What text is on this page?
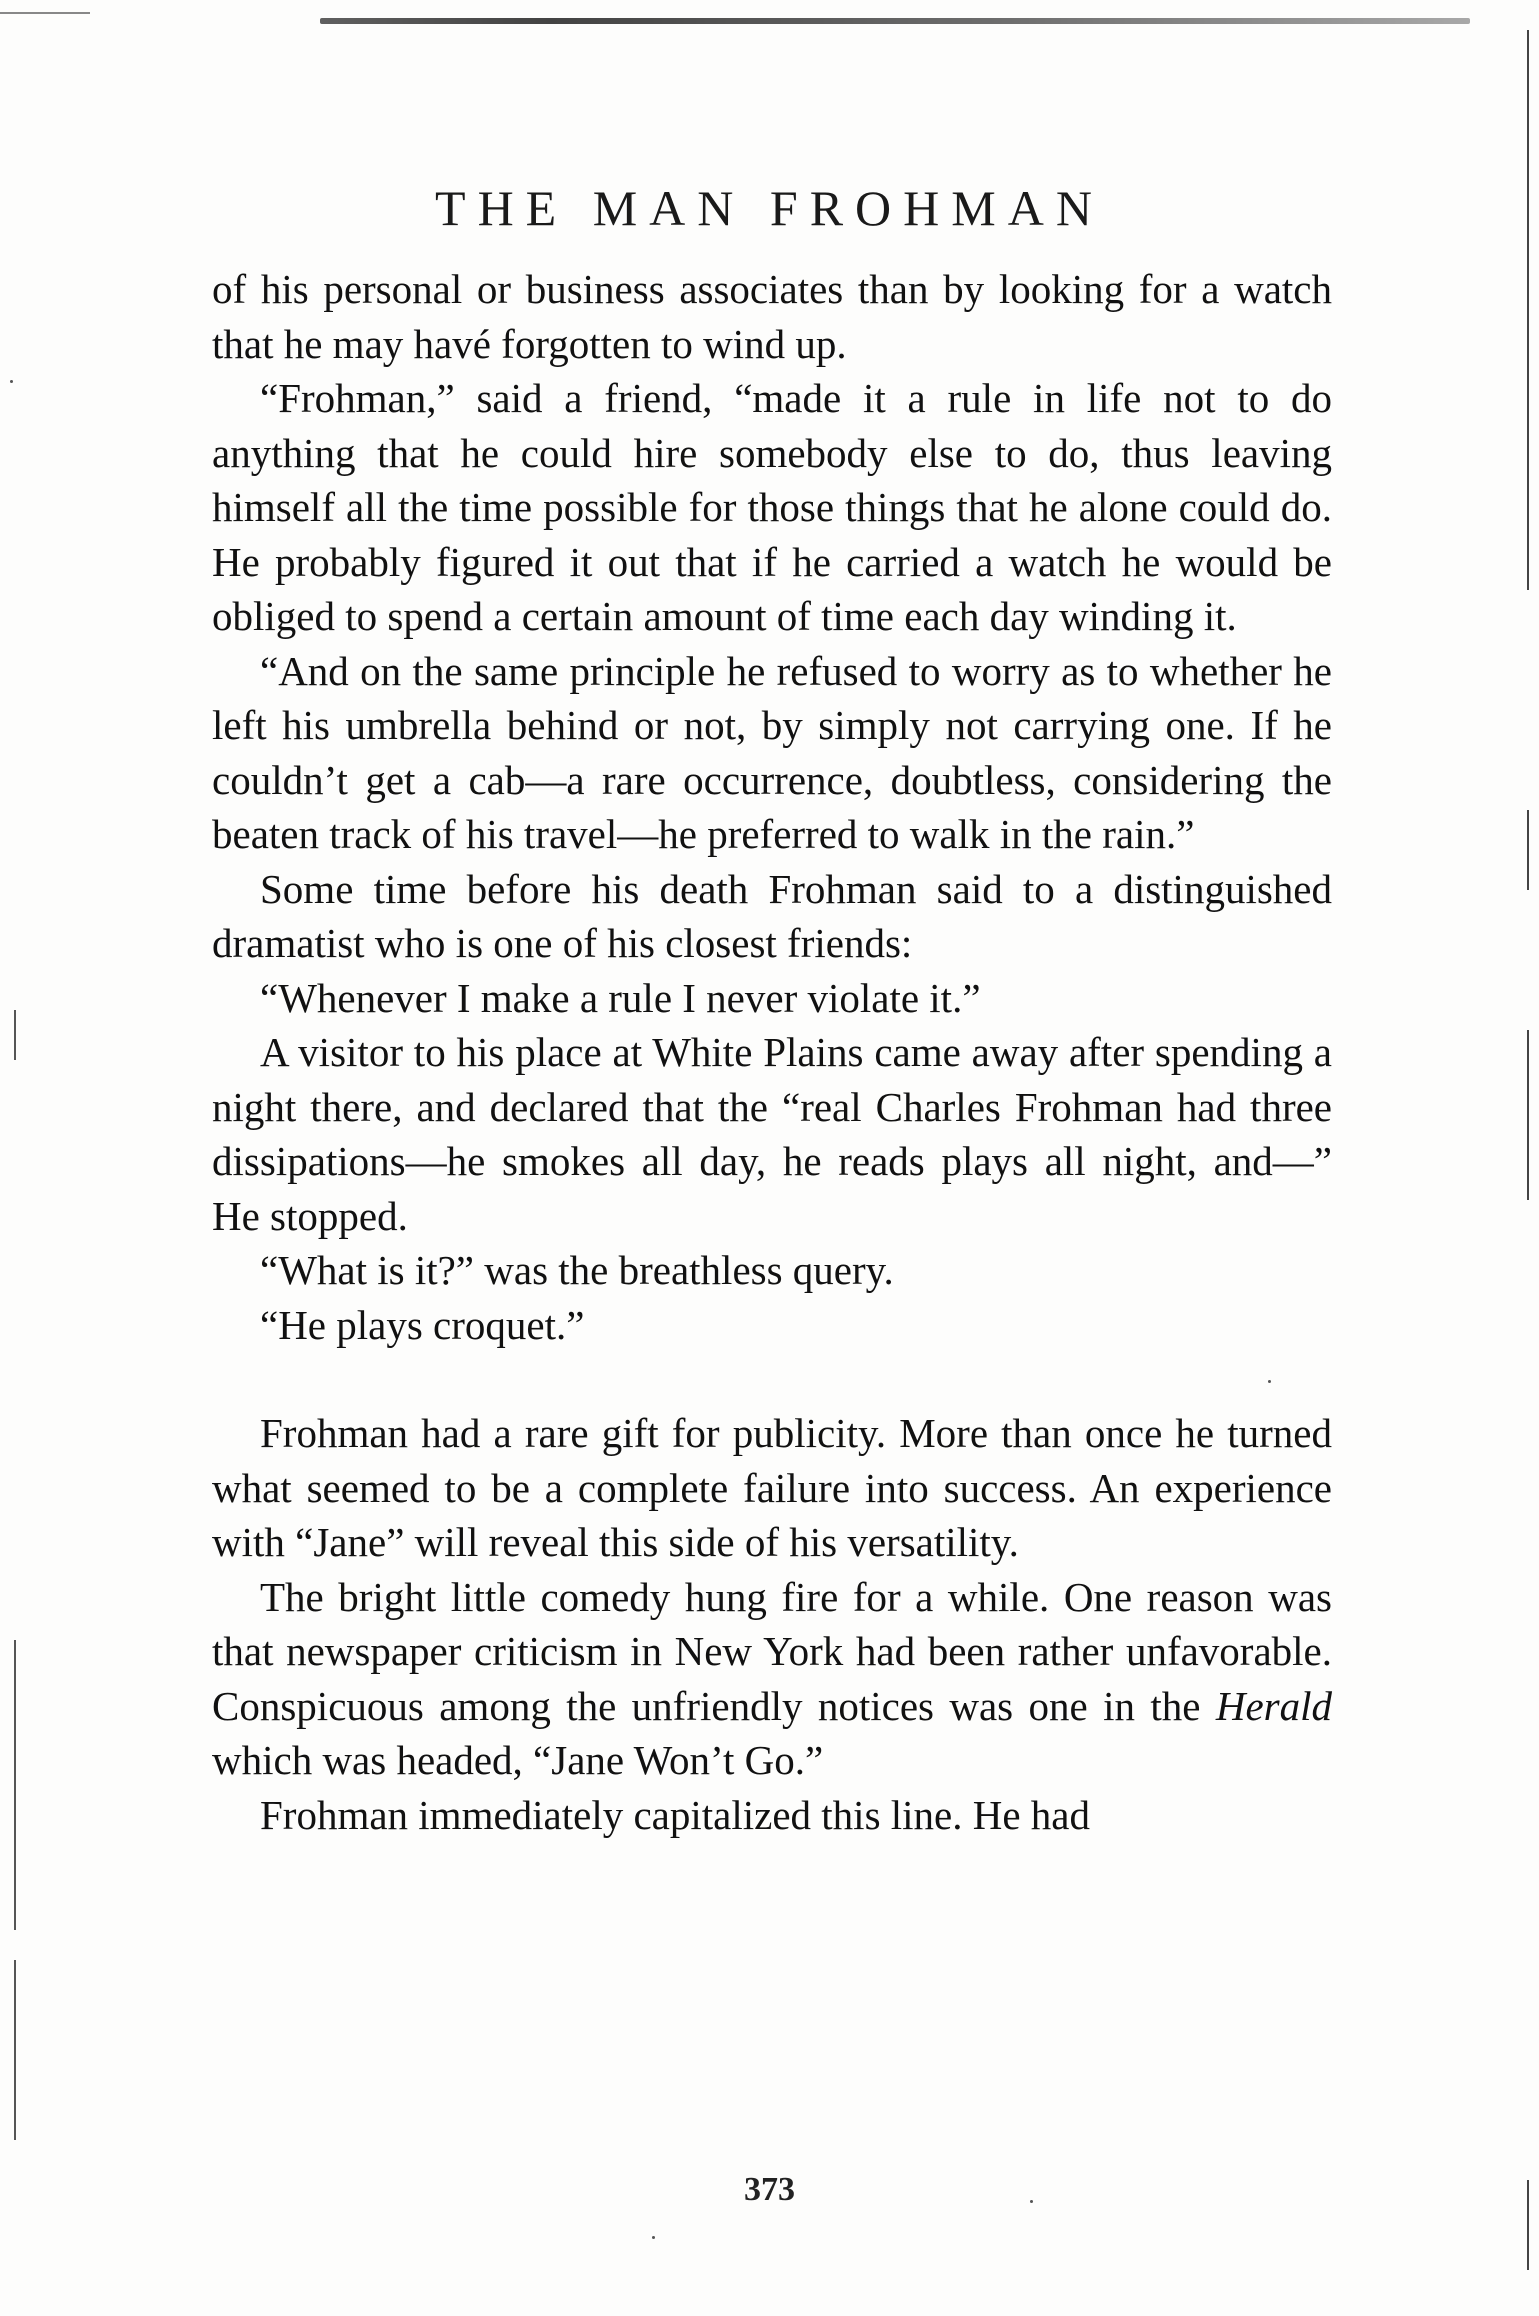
THE MAN FROHMAN

of his personal or business associates than by looking for a watch that he may havé forgotten to wind up.

“Frohman,” said a friend, “made it a rule in life not to do anything that he could hire somebody else to do, thus leaving himself all the time possible for those things that he alone could do. He probably figured it out that if he carried a watch he would be obliged to spend a certain amount of time each day winding it.

“And on the same principle he refused to worry as to whether he left his umbrella behind or not, by simply not carrying one. If he couldn’t get a cab—a rare occurrence, doubtless, considering the beaten track of his travel—he preferred to walk in the rain.”

Some time before his death Frohman said to a distinguished dramatist who is one of his closest friends:

“Whenever I make a rule I never violate it.”

A visitor to his place at White Plains came away after spending a night there, and declared that the “real Charles Frohman had three dissipations—he smokes all day, he reads plays all night, and—” He stopped.

“What is it?” was the breathless query.

“He plays croquet.”

Frohman had a rare gift for publicity. More than once he turned what seemed to be a complete failure into success. An experience with “Jane” will reveal this side of his versatility.

The bright little comedy hung fire for a while. One reason was that newspaper criticism in New York had been rather unfavorable. Conspicuous among the unfriendly notices was one in the Herald which was headed, “Jane Won’t Go.”

Frohman immediately capitalized this line. He had

373
